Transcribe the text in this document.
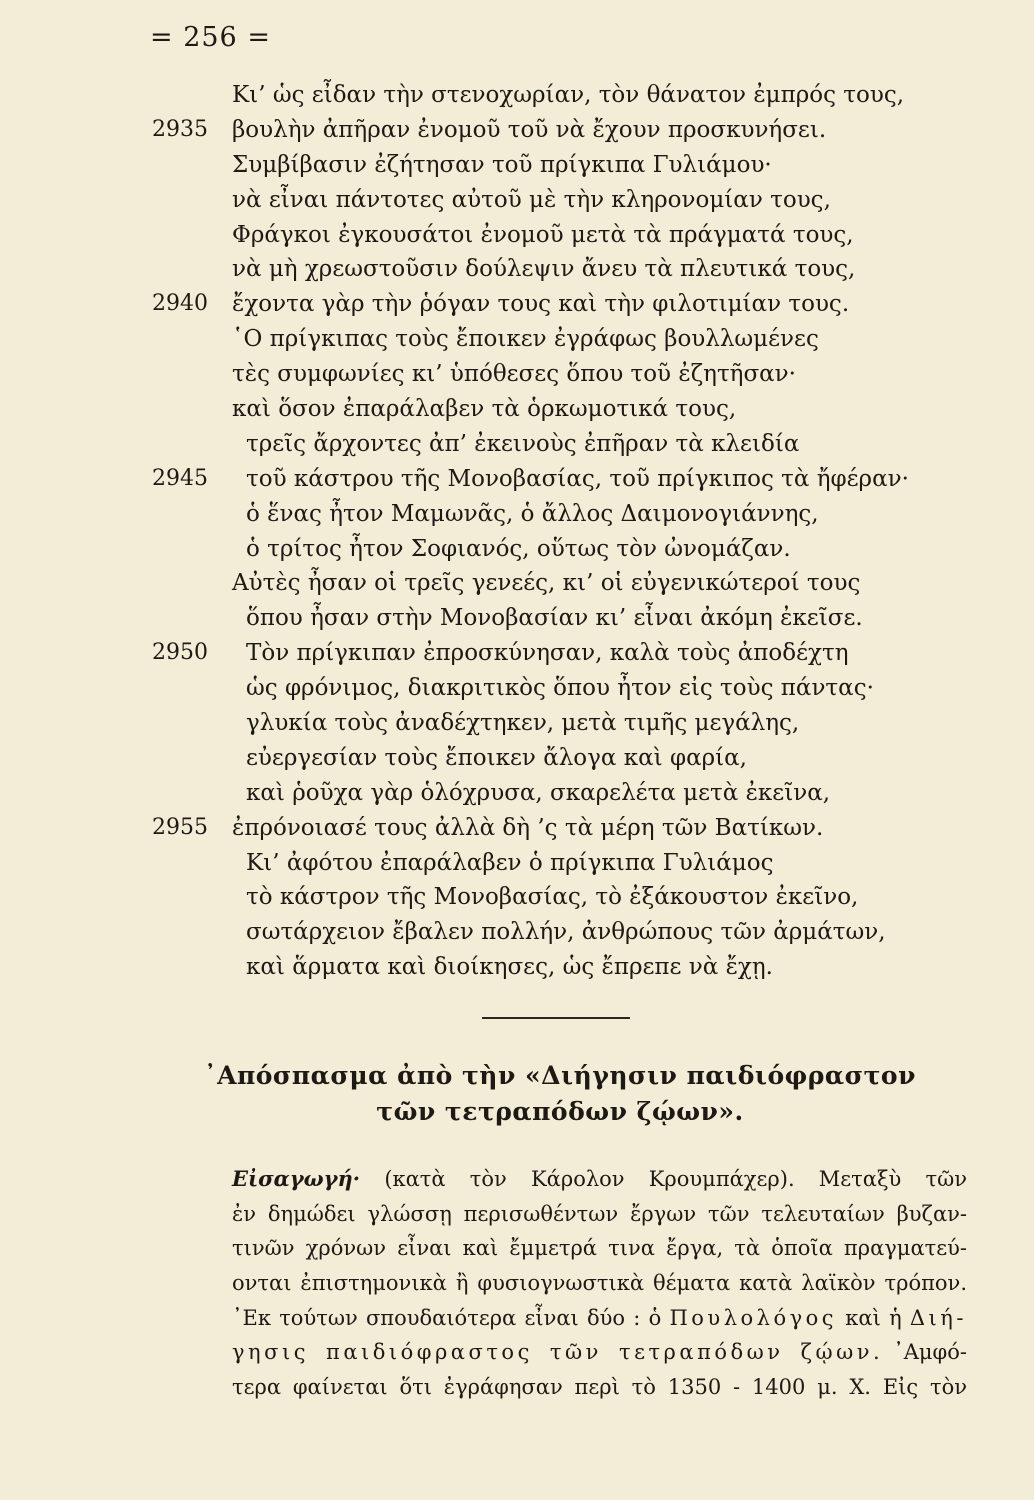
= 256 =
Κι’ ὡς εἶδαν τὴν στενοχωρίαν, τὸν θάνατον ἐμπρός τους,
2935	βουλὴν ἀπῆραν ἐνομοῦ τοῦ νὰ ἔχουν προσκυνήσει.
Συμβίβασιν ἐζήτησαν τοῦ πρίγκιπα Γυλιάμου·
νὰ εἶναι πάντοτες αὐτοῦ μὲ τὴν κληρονομίαν τους,
Φράγκοι ἐγκουσάτοι ἐνομοῦ μετὰ τὰ πράγματά τους,
νὰ μὴ χρεωστοῦσιν δούλεψιν ἄνευ τὰ πλευτικά τους,
2940	ἔχοντα γὰρ τὴν ῥόγαν τους καὶ τὴν φιλοτιμίαν τους.
῾Ο πρίγκιπας τοὺς ἔποικεν ἐγράφως βουλλωμένες
τὲς συμφωνίες κι’ ὑπόθεσες ὅπου τοῦ ἐζητῆσαν·
καὶ ὅσον ἐπαράλαβεν τὰ ὁρκωμοτικά τους,
τρεῖς ἄρχοντες ἀπ’ ἐκεινοὺς ἐπῆραν τὰ κλειδία
2945	τοῦ κάστρου τῆς Μονοβασίας, τοῦ πρίγκιπος τὰ ἤφέραν·
ὁ ἕνας ἦτον Μαμωνᾶς, ὁ ἄλλος Δαιμονογιάννης,
ὁ τρίτος ἦτον Σοφιανός, οὕτως τὸν ὠνομάζαν.
Αὐτὲς ἦσαν οἱ τρεῖς γενεές, κι’ οἱ εὐγενικώτεροί τους
ὅπου ἦσαν στὴν Μονοβασίαν κι’ εἶναι ἀκόμη ἐκεῖσε.
2950	Τὸν πρίγκιπαν ἐπροσκύνησαν, καλὰ τοὺς ἀποδέχτη
ὡς φρόνιμος, διακριτικὸς ὅπου ἦτον εἰς τοὺς πάντας·
γλυκία τοὺς ἀναδέχτηκεν, μετὰ τιμῆς μεγάλης,
εὐεργεσίαν τοὺς ἔποικεν ἄλογα καὶ φαρία,
καὶ ῥοῦχα γὰρ ὁλόχρυσα, σκαρελέτα μετὰ ἐκεῖνα,
2955	ἐπρόνοιασέ τους ἀλλὰ δὴ ’ς τὰ μέρη τῶν Βατίκων.
Κι’ ἀφότου ἐπαράλαβεν ὁ πρίγκιπα Γυλιάμος
τὸ κάστρον τῆς Μονοβασίας, τὸ ἐξάκουστον ἐκεῖνο,
σωτάρχειον ἔβαλεν πολλήν, ἀνθρώπους τῶν ἀρμάτων,
καὶ ἅρματα καὶ διοίκησες, ὡς ἔπρεπε νὰ ἔχῃ.
᾿Απόσπασμα ἀπὸ τὴν «Διήγησιν παιδιόφραστον
τῶν τετραπόδων ζῴων».
Εἰσαγωγή· (κατὰ τὸν Κάρολον Κρουμπάχερ). Μεταξὺ τῶν
ἐν δημώδει γλώσσῃ περισωθέντων ἔργων τῶν τελευταίων βυζαν-
τινῶν χρόνων εἶναι καὶ ἔμμετρά τινα ἔργα, τὰ ὁποῖα πραγματεύ-
ονται ἐπιστημονικὰ ἢ φυσιογνωστικὰ θέματα κατὰ λαϊκὸν τρόπον.
᾿Εκ τούτων σπουδαιότερα εἶναι δύο : ὁ Πουλολόγος καὶ ἡ Διή-
γησις παιδιόφραστος τῶν τετραπόδων ζῴων. ᾿Αμφό-
τερα φαίνεται ὅτι ἐγράφησαν περὶ τὸ 1350 - 1400 μ. Χ. Εἰς τὸν
